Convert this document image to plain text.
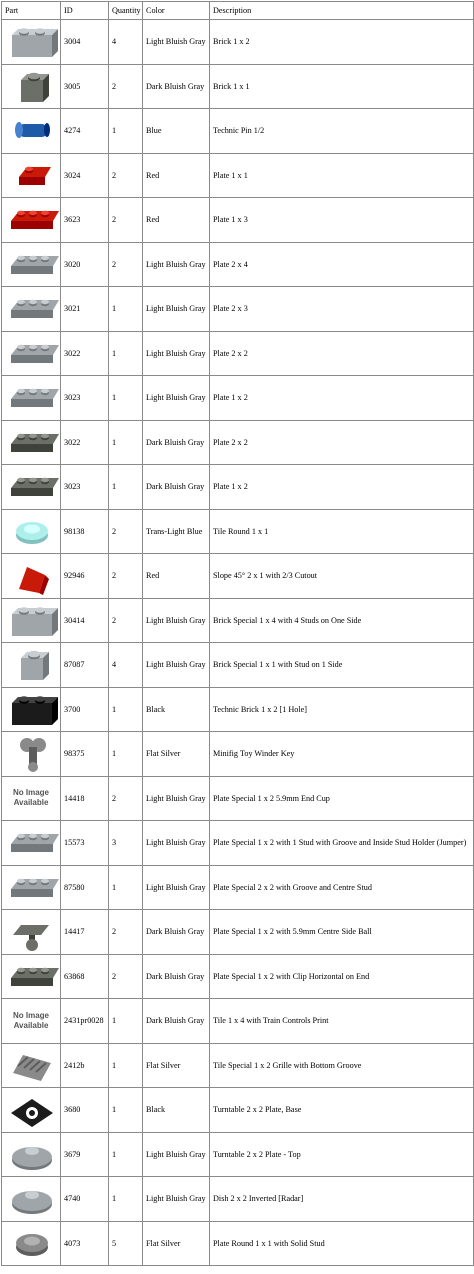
Part	ID	Quantity	Color	Description

	3004	4	Light Bluish Gray	Brick 1 x 2

	3005	2	Dark Bluish Gray	Brick 1 x 1

	4274	1	Blue	Technic Pin 1/2

	3024	2	Red	Plate 1 x 1

	3623	2	Red	Plate 1 x 3

	3020	2	Light Bluish Gray	Plate 2 x 4

	3021	1	Light Bluish Gray	Plate 2 x 3

	3022	1	Light Bluish Gray	Plate 2 x 2

	3023	1	Light Bluish Gray	Plate 1 x 2

	3022	1	Dark Bluish Gray	Plate 2 x 2

	3023	1	Dark Bluish Gray	Plate 1 x 2

	98138	2	Trans-Light Blue	Tile Round 1 x 1

	92946	2	Red	Slope 45° 2 x 1 with 2/3 Cutout

	30414	2	Light Bluish Gray	Brick Special 1 x 4 with 4 Studs on One Side

	87087	4	Light Bluish Gray	Brick Special 1 x 1 with Stud on 1 Side

	3700	1	Black	Technic Brick 1 x 2 [1 Hole]

	98375	1	Flat Silver	Minifig Toy Winder Key

No Image
Available	14418	2	Light Bluish Gray	Plate Special 1 x 2 5.9mm End Cup

	15573	3	Light Bluish Gray	Plate Special 1 x 2 with 1 Stud with Groove and Inside Stud Holder (Jumper)

	87580	1	Light Bluish Gray	Plate Special 2 x 2 with Groove and Centre Stud

	14417	2	Dark Bluish Gray	Plate Special 1 x 2 with 5.9mm Centre Side Ball

	63868	2	Dark Bluish Gray	Plate Special 1 x 2 with Clip Horizontal on End

No Image
Available	2431pr0028	1	Dark Bluish Gray	Tile 1 x 4 with Train Controls Print

	2412b	1	Flat Silver	Tile Special 1 x 2 Grille with Bottom Groove

	3680	1	Black	Turntable 2 x 2 Plate, Base

	3679	1	Light Bluish Gray	Turntable 2 x 2 Plate - Top

	4740	1	Light Bluish Gray	Dish 2 x 2 Inverted [Radar]

	4073	5	Flat Silver	Plate Round 1 x 1 with Solid Stud
